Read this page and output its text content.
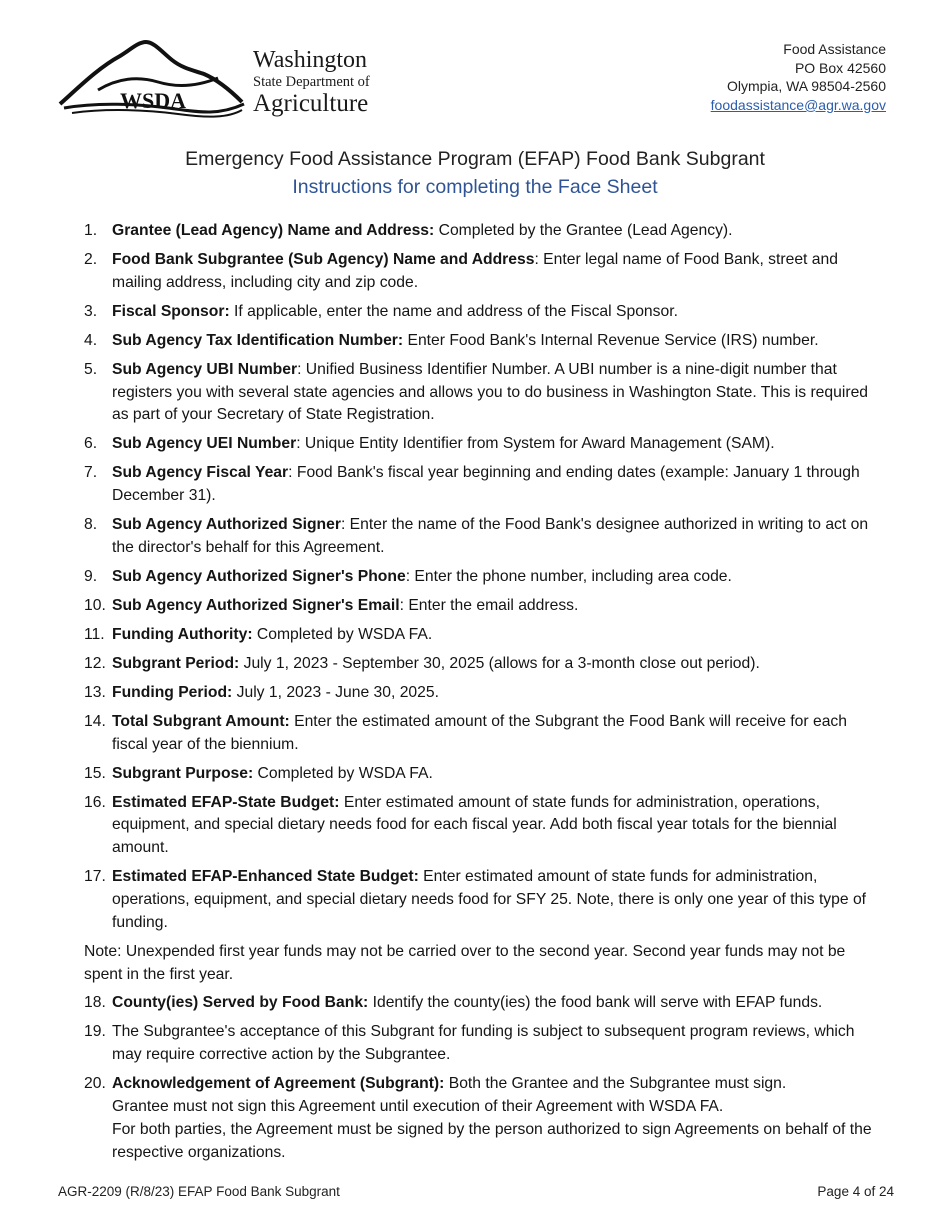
WSDA
Washington
State Department of
Agriculture
Food Assistance
PO Box 42560
Olympia, WA 98504-2560
foodassistance@agr.wa.gov
Emergency Food Assistance Program (EFAP) Food Bank Subgrant
Instructions for completing the Face Sheet
1. Grantee (Lead Agency) Name and Address: Completed by the Grantee (Lead Agency).
2. Food Bank Subgrantee (Sub Agency) Name and Address: Enter legal name of Food Bank, street and mailing address, including city and zip code.
3. Fiscal Sponsor: If applicable, enter the name and address of the Fiscal Sponsor.
4. Sub Agency Tax Identification Number: Enter Food Bank's Internal Revenue Service (IRS) number.
5. Sub Agency UBI Number: Unified Business Identifier Number. A UBI number is a nine-digit number that registers you with several state agencies and allows you to do business in Washington State. This is required as part of your Secretary of State Registration.
6. Sub Agency UEI Number: Unique Entity Identifier from System for Award Management (SAM).
7. Sub Agency Fiscal Year: Food Bank's fiscal year beginning and ending dates (example: January 1 through December 31).
8. Sub Agency Authorized Signer: Enter the name of the Food Bank's designee authorized in writing to act on the director's behalf for this Agreement.
9. Sub Agency Authorized Signer's Phone: Enter the phone number, including area code.
10. Sub Agency Authorized Signer's Email: Enter the email address.
11. Funding Authority: Completed by WSDA FA.
12. Subgrant Period: July 1, 2023 - September 30, 2025 (allows for a 3-month close out period).
13. Funding Period: July 1, 2023 - June 30, 2025.
14. Total Subgrant Amount: Enter the estimated amount of the Subgrant the Food Bank will receive for each fiscal year of the biennium.
15. Subgrant Purpose: Completed by WSDA FA.
16. Estimated EFAP-State Budget: Enter estimated amount of state funds for administration, operations, equipment, and special dietary needs food for each fiscal year. Add both fiscal year totals for the biennial amount.
17. Estimated EFAP-Enhanced State Budget: Enter estimated amount of state funds for administration, operations, equipment, and special dietary needs food for SFY 25. Note, there is only one year of this type of funding.
Note: Unexpended first year funds may not be carried over to the second year. Second year funds may not be spent in the first year.
18. County(ies) Served by Food Bank: Identify the county(ies) the food bank will serve with EFAP funds.
19. The Subgrantee's acceptance of this Subgrant for funding is subject to subsequent program reviews, which may require corrective action by the Subgrantee.
20. Acknowledgement of Agreement (Subgrant): Both the Grantee and the Subgrantee must sign.
Grantee must not sign this Agreement until execution of their Agreement with WSDA FA.
For both parties, the Agreement must be signed by the person authorized to sign Agreements on behalf of the respective organizations.
AGR-2209 (R/8/23) EFAP Food Bank Subgrant	Page 4 of 24
